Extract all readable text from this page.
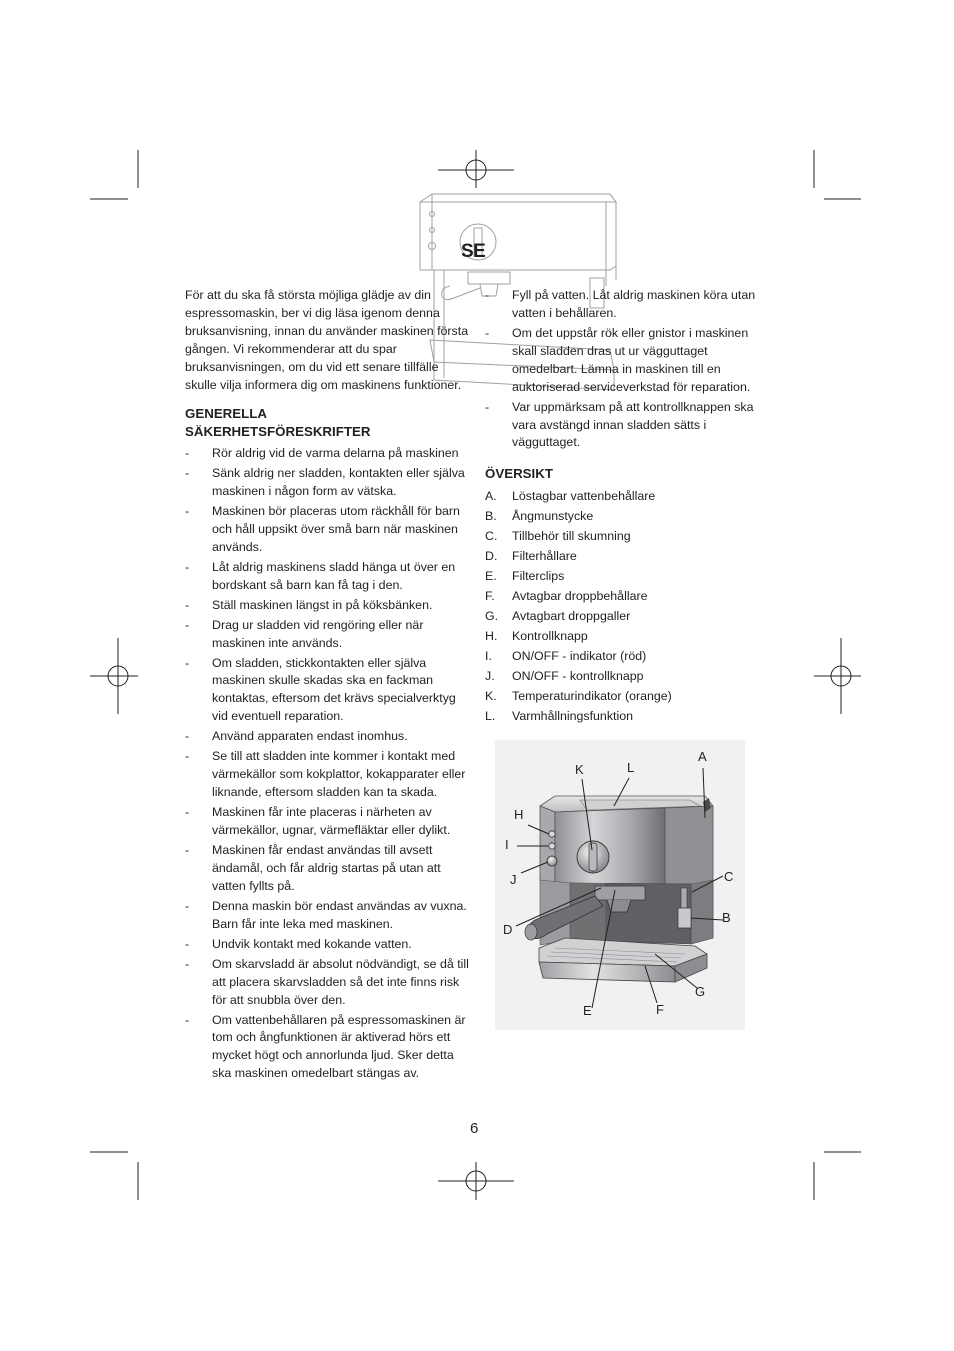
SE
För att du ska få största möjliga glädje av din espressomaskin, ber vi dig läsa igenom denna bruksanvisning, innan du använder maskinen första gången. Vi rekommenderar att du spar bruksanvisningen, om du vid ett senare tillfälle skulle vilja informera dig om maskinens funktioner.
GENERELLA
SÄKERHETSFÖRESKRIFTER
- Rör aldrig vid de varma delarna på maskinen
- Sänk aldrig ner sladden, kontakten eller själva maskinen i någon form av vätska.
- Maskinen bör placeras utom räckhåll för barn och håll uppsikt över små barn när maskinen används.
- Låt aldrig maskinens sladd hänga ut över en bordskant så barn kan få tag i den.
- Ställ maskinen längst in på köksbänken.
- Drag ur sladden vid rengöring eller när maskinen inte används.
- Om sladden, stickkontakten eller själva maskinen skulle skadas ska en fackman kontaktas, eftersom det krävs specialverktyg vid eventuell reparation.
- Använd apparaten endast inomhus.
- Se till att sladden inte kommer i kontakt med värmekällor som kokplattor, kokapparater eller liknande, eftersom sladden kan ta skada.
- Maskinen får inte placeras i närheten av värmekällor, ugnar, värmefläktar eller dylikt.
- Maskinen får endast användas till avsett ändamål, och får aldrig startas på utan att vatten fyllts på.
- Denna maskin bör endast användas av vuxna. Barn får inte leka med maskinen.
- Undvik kontakt med kokande vatten.
- Om skarvsladd är absolut nödvändigt, se då till att placera skarvsladden så det inte finns risk för att snubbla över den.
- Om vattenbehållaren på espressomaskinen är tom och ångfunktionen är aktiverad hörs ett mycket högt och annorlunda ljud. Sker detta ska maskinen omedelbart stängas av.
- Fyll på vatten. Låt aldrig maskinen köra utan vatten i behållaren.
- Om det uppstår rök eller gnistor i maskinen skall sladden dras ut ur vägguttaget omedelbart. Lämna in maskinen till en auktoriserad serviceverkstad för reparation.
- Var uppmärksam på att kontrollknappen ska vara avstängd innan sladden sätts i vägguttaget.
ÖVERSIKT
A. Löstagbar vattenbehållare
B. Ångmunstycke
C. Tillbehör till skumning
D. Filterhållare
E. Filterclips
F. Avtagbar droppbehållare
G. Avtagbart droppgaller
H. Kontrollknapp
I. ON/OFF - indikator (röd)
J. ON/OFF - kontrollknapp
K. Temperaturindikator (orange)
L. Varmhållningsfunktion
A
K	L
H
I
J	C
B
D
G
E	F
6
